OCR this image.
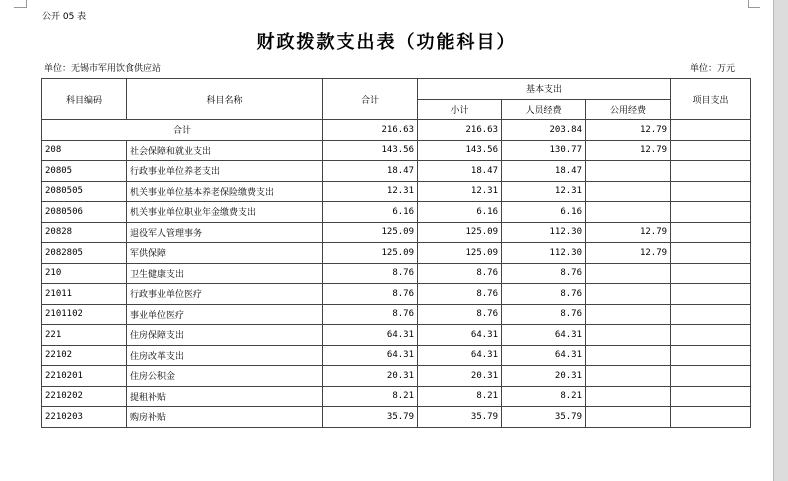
公开 05 表
财政拨款支出表（功能科目）
单位：无锡市军用饮食供应站	单位：万元
科目编码	科目名称	合计	基本支出			项目支出
			小计	人员经费	公用经费	
合计		216.63	216.63	203.84	12.79	
208	社会保障和就业支出	143.56	143.56	130.77	12.79	
20805	行政事业单位养老支出	18.47	18.47	18.47		
2080505	机关事业单位基本养老保险缴费支出	12.31	12.31	12.31		
2080506	机关事业单位职业年金缴费支出	6.16	6.16	6.16		
20828	退役军人管理事务	125.09	125.09	112.30	12.79	
2082805	军供保障	125.09	125.09	112.30	12.79	
210	卫生健康支出	8.76	8.76	8.76		
21011	行政事业单位医疗	8.76	8.76	8.76		
2101102	事业单位医疗	8.76	8.76	8.76		
221	住房保障支出	64.31	64.31	64.31		
22102	住房改革支出	64.31	64.31	64.31		
2210201	住房公积金	20.31	20.31	20.31		
2210202	提租补贴	8.21	8.21	8.21		
2210203	购房补贴	35.79	35.79	35.79		
